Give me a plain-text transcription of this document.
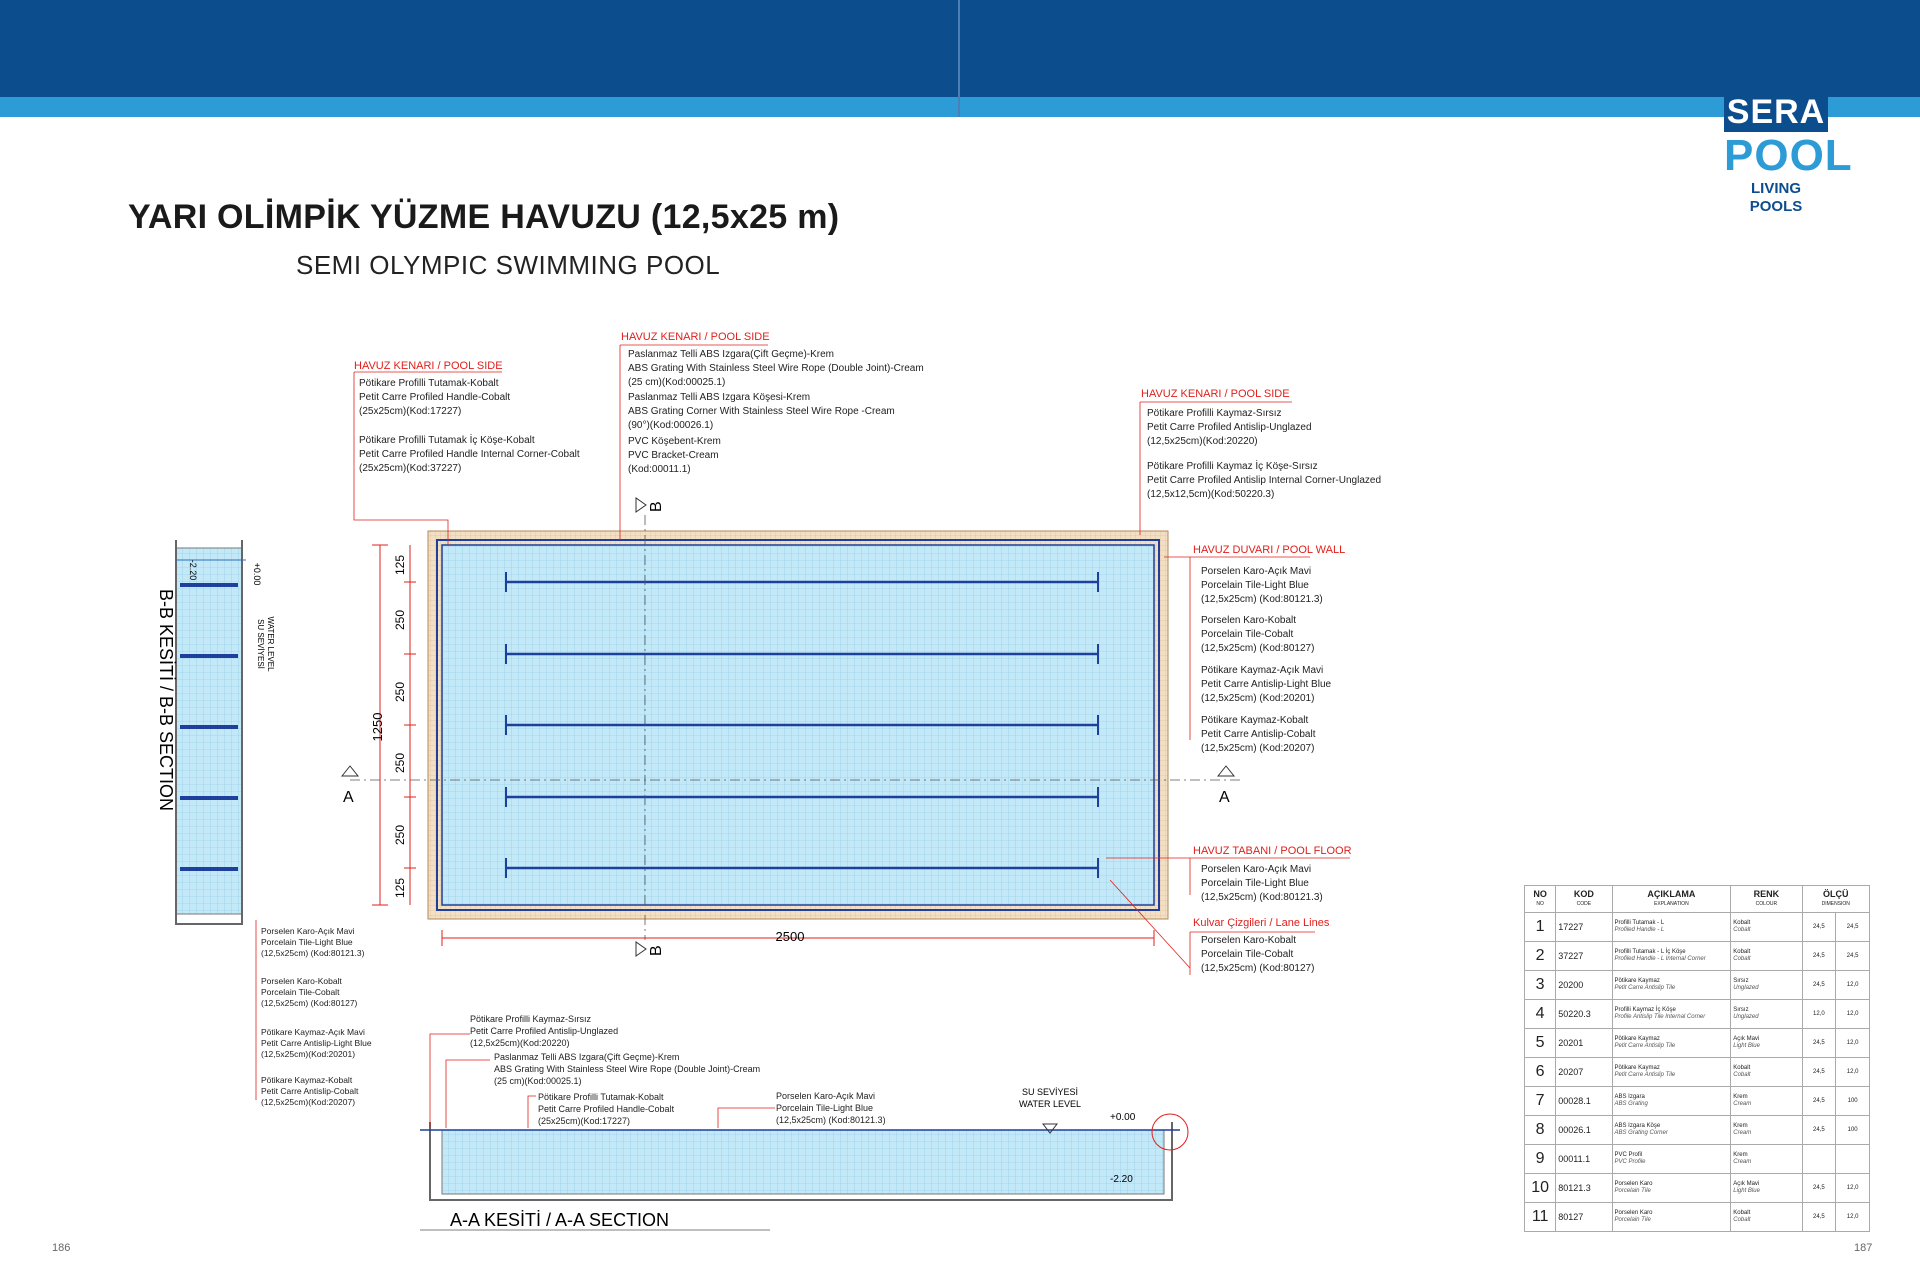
SERA
POOL
LIVING POOLS
YARI OLİMPİK YÜZME HAVUZU (12,5x25 m)
SEMI OLYMPIC SWIMMING POOL
186	187
A	A
B
B
2500
1250
125
250
250
250
250
125
HAVUZ KENARI / POOL SIDE
Pötikare Profilli Tutamak-Kobalt
Petit Carre Profiled Handle-Cobalt
(25x25cm)(Kod:17227)
Pötikare Profilli Tutamak İç Köşe-Kobalt
Petit Carre Profiled Handle Internal Corner-Cobalt
(25x25cm)(Kod:37227)
HAVUZ KENARI / POOL SIDE
Paslanmaz Telli ABS Izgara(Çift Geçme)-Krem
ABS Grating With Stainless Steel Wire Rope (Double Joint)-Cream
(25 cm)(Kod:00025.1)
Paslanmaz Telli ABS Izgara Köşesi-Krem
ABS Grating Corner With Stainless Steel Wire Rope -Cream
(90°)(Kod:00026.1)
PVC Köşebent-Krem
PVC Bracket-Cream
(Kod:00011.1)
HAVUZ KENARI / POOL SIDE
Pötikare Profilli Kaymaz-Sırsız
Petit Carre Profiled Antislip-Unglazed
(12,5x25cm)(Kod:20220)
Pötikare Profilli Kaymaz İç Köşe-Sırsız
Petit Carre Profiled Antislip Internal Corner-Unglazed
(12,5x12,5cm)(Kod:50220.3)
HAVUZ DUVARI / POOL WALL
Porselen Karo-Açık Mavi
Porcelain Tile-Light Blue
(12,5x25cm) (Kod:80121.3)
Porselen Karo-Kobalt
Porcelain Tile-Cobalt
(12,5x25cm) (Kod:80127)
Pötikare Kaymaz-Açık Mavi
Petit Carre Antislip-Light Blue
(12,5x25cm) (Kod:20201)
Pötikare Kaymaz-Kobalt
Petit Carre Antislip-Cobalt
(12,5x25cm) (Kod:20207)
HAVUZ TABANI / POOL FLOOR
Porselen Karo-Açık Mavi
Porcelain Tile-Light Blue
(12,5x25cm) (Kod:80121.3)
Kulvar Çizgileri / Lane Lines
Porselen Karo-Kobalt
Porcelain Tile-Cobalt
(12,5x25cm) (Kod:80127)
Porselen Karo-Açık Mavi
Porcelain Tile-Light Blue
(12,5x25cm) (Kod:80121.3)
Porselen Karo-Kobalt
Porcelain Tile-Cobalt
(12,5x25cm) (Kod:80127)
Pötikare Kaymaz-Açık Mavi
Petit Carre Antislip-Light Blue
(12,5x25cm)(Kod:20201)
Pötikare Kaymaz-Kobalt
Petit Carre Antislip-Cobalt
(12,5x25cm)(Kod:20207)
B-B KESİTİ / B-B SECTION	SU SEVİYESİ WATER LEVEL
+0.00
-2.20
SU SEVİYESİ
WATER LEVEL
+0.00
-2.20
A-A KESİTİ / A-A SECTION
Pötikare Profilli Kaymaz-Sırsız
Petit Carre Profiled Antislip-Unglazed
(12,5x25cm)(Kod:20220)
Paslanmaz Telli ABS Izgara(Çift Geçme)-Krem
ABS Grating With Stainless Steel Wire Rope (Double Joint)-Cream
(25 cm)(Kod:00025.1)
Pötikare Profilli Tutamak-Kobalt
Petit Carre Profiled Handle-Cobalt
(25x25cm)(Kod:17227)
Porselen Karo-Açık Mavi
Porcelain Tile-Light Blue
(12,5x25cm) (Kod:80121.3)
NO
NO	KOD
CODE	AÇIKLAMA
EXPLANATION	RENK
COLOUR	ÖLÇÜ
DIMENSION	

1	17227	Profilli Tutamak - L
Profiled Handle - L	Kobalt
Cobalt	24,5	24,5
2	37227	Profilli Tutamak - L İç Köşe
Profiled Handle - L Internal Corner	Kobalt
Cobalt	24,5	24,5
3	20200	Pötikare Kaymaz
Petit Carre Antislip Tile	Sırsız
Unglazed	24,5	12,0
4	50220.3	Profilli Kaymaz İç Köşe
Profile Antislip Tile Internal Corner	Sırsız
Unglazed	12,0	12,0
5	20201	Pötikare Kaymaz
Petit Carre Antislip Tile	Açık Mavi
Light Blue	24,5	12,0
6	20207	Pötikare Kaymaz
Petit Carre Antislip Tile	Kobalt
Cobalt	24,5	12,0
7	00028.1	ABS Izgara
ABS Grating	Krem
Cream	24,5	100
8	00026.1	ABS Izgara Köşe
ABS Grating Corner	Krem
Cream	24,5	100
9	00011.1	PVC Profil
PVC Profile	Krem
Cream		

10	80121.3	Porselen Karo
Porcelain Tile	Açık Mavi
Light Blue	24,5	12,0
11	80127	Porselen Karo
Porcelain Tile	Kobalt
Cobalt	24,5	12,0
